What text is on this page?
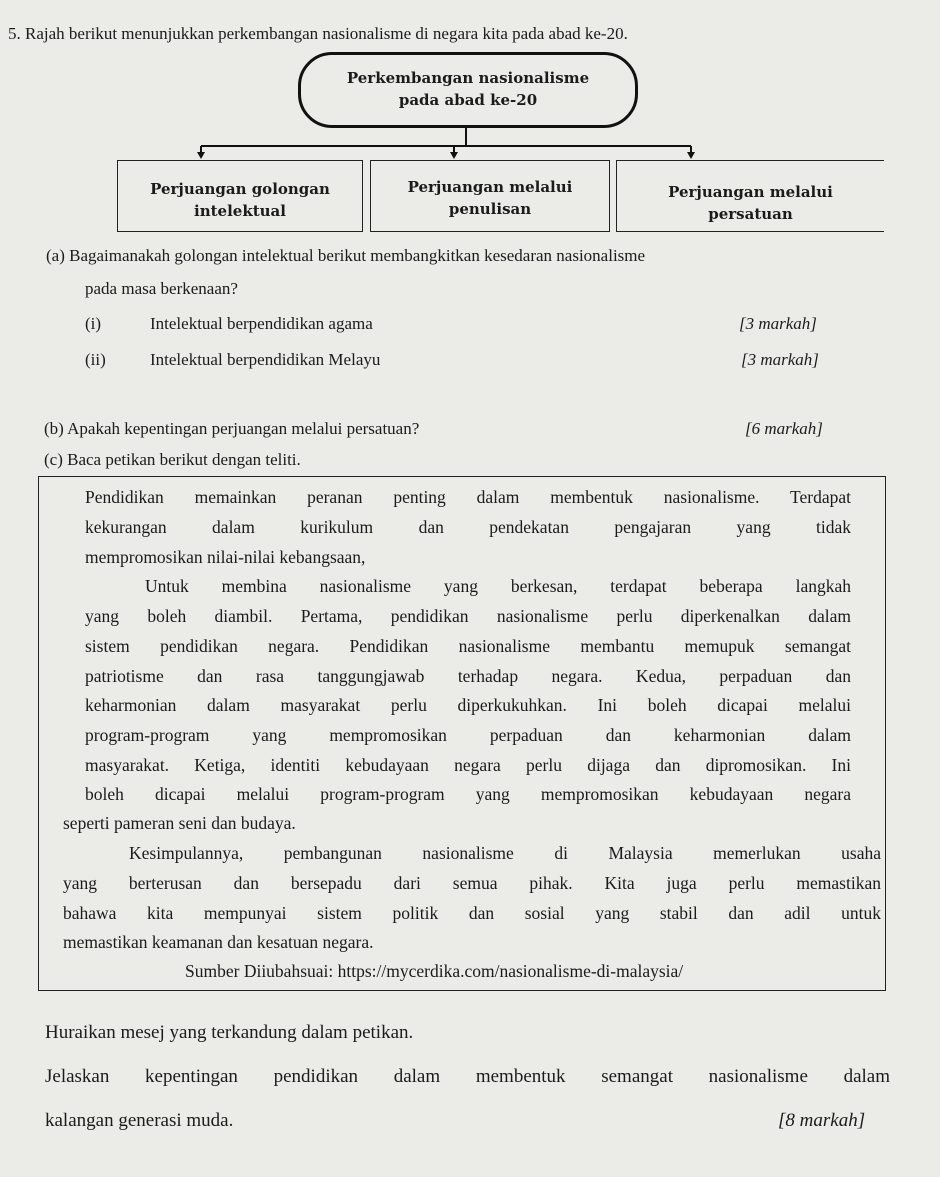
5. Rajah berikut menunjukkan perkembangan nasionalisme di negara kita pada abad ke-20.
Perkembangan nasionalisme
pada abad ke-20
Perjuangan golongan
intelektual
Perjuangan melalui
penulisan
Perjuangan melalui
persatuan
(a) Bagaimanakah golongan intelektual berikut membangkitkan kesedaran nasionalisme
pada masa berkenaan?
(i)	Intelektual berpendidikan agama	[3 markah]
(ii)	Intelektual berpendidikan Melayu	[3 markah]
(b) Apakah kepentingan perjuangan melalui persatuan?	[6 markah]
(c) Baca petikan berikut dengan teliti.
Pendidikan memainkan peranan penting dalam membentuk nasionalisme. Terdapat
kekurangan dalam kurikulum dan pendekatan pengajaran yang tidak
mempromosikan nilai-nilai kebangsaan,
Untuk membina nasionalisme yang berkesan, terdapat beberapa langkah
yang boleh diambil. Pertama, pendidikan nasionalisme perlu diperkenalkan dalam
sistem pendidikan negara. Pendidikan nasionalisme membantu memupuk semangat
patriotisme dan rasa tanggungjawab terhadap negara. Kedua, perpaduan dan
keharmonian dalam masyarakat perlu diperkukuhkan. Ini boleh dicapai melalui
program-program yang mempromosikan perpaduan dan keharmonian dalam
masyarakat. Ketiga, identiti kebudayaan negara perlu dijaga dan dipromosikan. Ini
boleh dicapai melalui program-program yang mempromosikan kebudayaan negara
seperti pameran seni dan budaya.
Kesimpulannya, pembangunan nasionalisme di Malaysia memerlukan usaha
yang berterusan dan bersepadu dari semua pihak. Kita juga perlu memastikan
bahawa kita mempunyai sistem politik dan sosial yang stabil dan adil untuk
memastikan keamanan dan kesatuan negara.
Sumber Diiubahsuai: https://mycerdika.com/nasionalisme-di-malaysia/
Huraikan mesej yang terkandung dalam petikan.
Jelaskan kepentingan pendidikan dalam membentuk semangat nasionalisme dalam
kalangan generasi muda.	[8 markah]
